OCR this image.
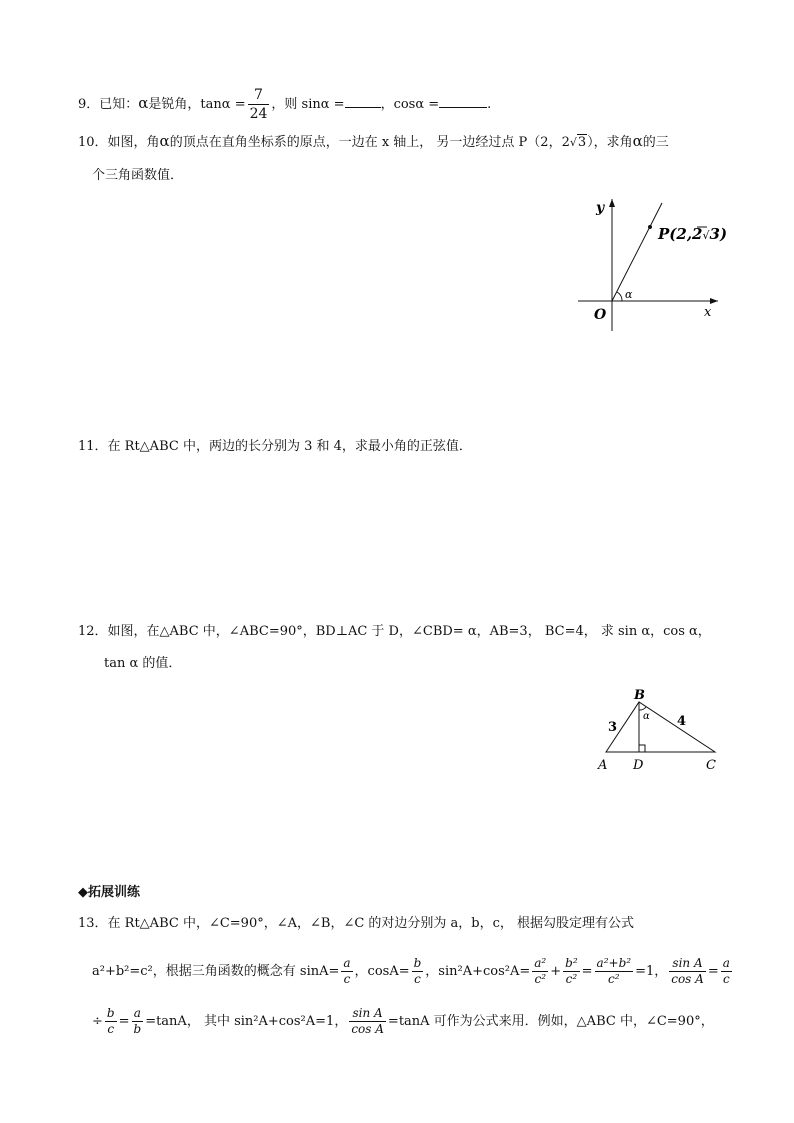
9．已知：α是锐角，$\tan\alpha = \frac{7}{24}$ ，则 sinα =	，cosα =	.
10．如图，角α的顶点在直角坐标系的原点，一边在 x 轴上， 另一边经过点 P（2，2√3），求角α的三
个三角函数值．
y
x
O
α
P(2,2√3)
11．在 Rt△ABC 中，两边的长分别为 3 和 4，求最小角的正弦值．
12．如图，在△ABC 中，∠ABC=90°，BD⊥AC 于 D，∠CBD= α，AB=3， BC=4， 求 sin α，cos α，
tan α 的值．
B
A D	C
3	4
α
◆拓展训练
13．在 Rt△ABC 中，∠C=90°，∠A，∠B，∠C 的对边分别为 a，b，c， 根据勾股定理有公式
a²+b²=c²，根据三角函数的概念有 $\sin A= \frac{a}{c}$ ，$\cos A= \frac{b}{c}$ ，$\sin^2A+\cos^2A= \frac{\text{a²}}{\text{c²}} + \frac{\text{b²}}{\text{c²}} = \frac{\text{a²+b²}}{\text{c²}} =1$， $\frac{\text{sin A}}{\text{cos A}} = \frac{a}{c}$
÷ $\frac{b}{c} = \frac{a}{b} =\tan A$， 其中 sin²A+cos²A=1， $\frac{\text{sin A}}{\text{cos A}} =\tan A$ 可作为公式来用．例如，△ABC 中，∠C=90°，
